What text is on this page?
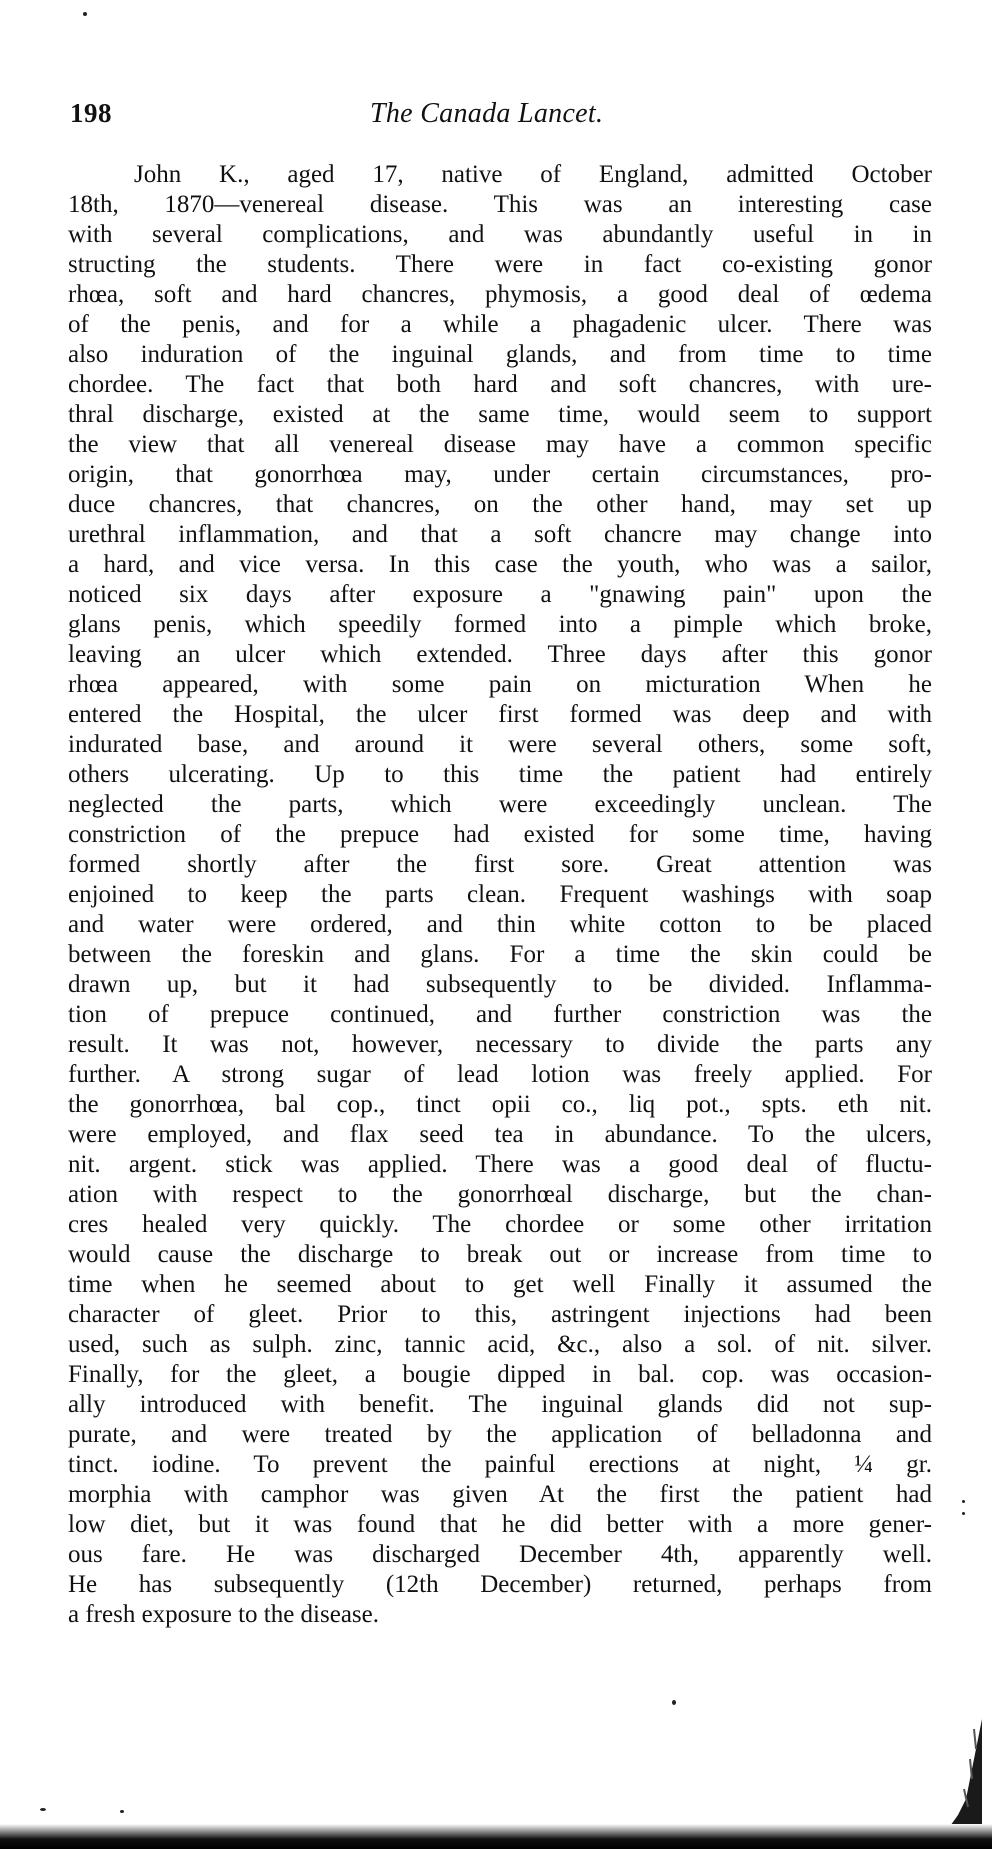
198	The Canada Lancet.
John K., aged 17, native of England, admitted October
18th, 1870—venereal disease. This was an interesting case
with several complications, and was abundantly useful in in
structing the students. There were in fact co-existing gonor
rhœa, soft and hard chancres, phymosis, a good deal of œdema
of the penis, and for a while a phagadenic ulcer. There was
also induration of the inguinal glands, and from time to time
chordee. The fact that both hard and soft chancres, with ure-
thral discharge, existed at the same time, would seem to support
the view that all venereal disease may have a common specific
origin, that gonorrhœa may, under certain circumstances, pro-
duce chancres, that chancres, on the other hand, may set up
urethral inflammation, and that a soft chancre may change into
a hard, and vice versa. In this case the youth, who was a sailor,
noticed six days after exposure a "gnawing pain" upon the
glans penis, which speedily formed into a pimple which broke,
leaving an ulcer which extended. Three days after this gonor
rhœa appeared, with some pain on micturation When he
entered the Hospital, the ulcer first formed was deep and with
indurated base, and around it were several others, some soft,
others ulcerating. Up to this time the patient had entirely
neglected the parts, which were exceedingly unclean. The
constriction of the prepuce had existed for some time, having
formed shortly after the first sore. Great attention was
enjoined to keep the parts clean. Frequent washings with soap
and water were ordered, and thin white cotton to be placed
between the foreskin and glans. For a time the skin could be
drawn up, but it had subsequently to be divided. Inflamma-
tion of prepuce continued, and further constriction was the
result. It was not, however, necessary to divide the parts any
further. A strong sugar of lead lotion was freely applied. For
the gonorrhœa, bal cop., tinct opii co., liq pot., spts. eth nit.
were employed, and flax seed tea in abundance. To the ulcers,
nit. argent. stick was applied. There was a good deal of fluctu-
ation with respect to the gonorrhœal discharge, but the chan-
cres healed very quickly. The chordee or some other irritation
would cause the discharge to break out or increase from time to
time when he seemed about to get well Finally it assumed the
character of gleet. Prior to this, astringent injections had been
used, such as sulph. zinc, tannic acid, &c., also a sol. of nit. silver.
Finally, for the gleet, a bougie dipped in bal. cop. was occasion-
ally introduced with benefit. The inguinal glands did not sup-
purate, and were treated by the application of belladonna and
tinct. iodine. To prevent the painful erections at night, ¼ gr.
morphia with camphor was given At the first the patient had
low diet, but it was found that he did better with a more gener-
ous fare. He was discharged December 4th, apparently well.
He has subsequently (12th December) returned, perhaps from
a fresh exposure to the disease.
